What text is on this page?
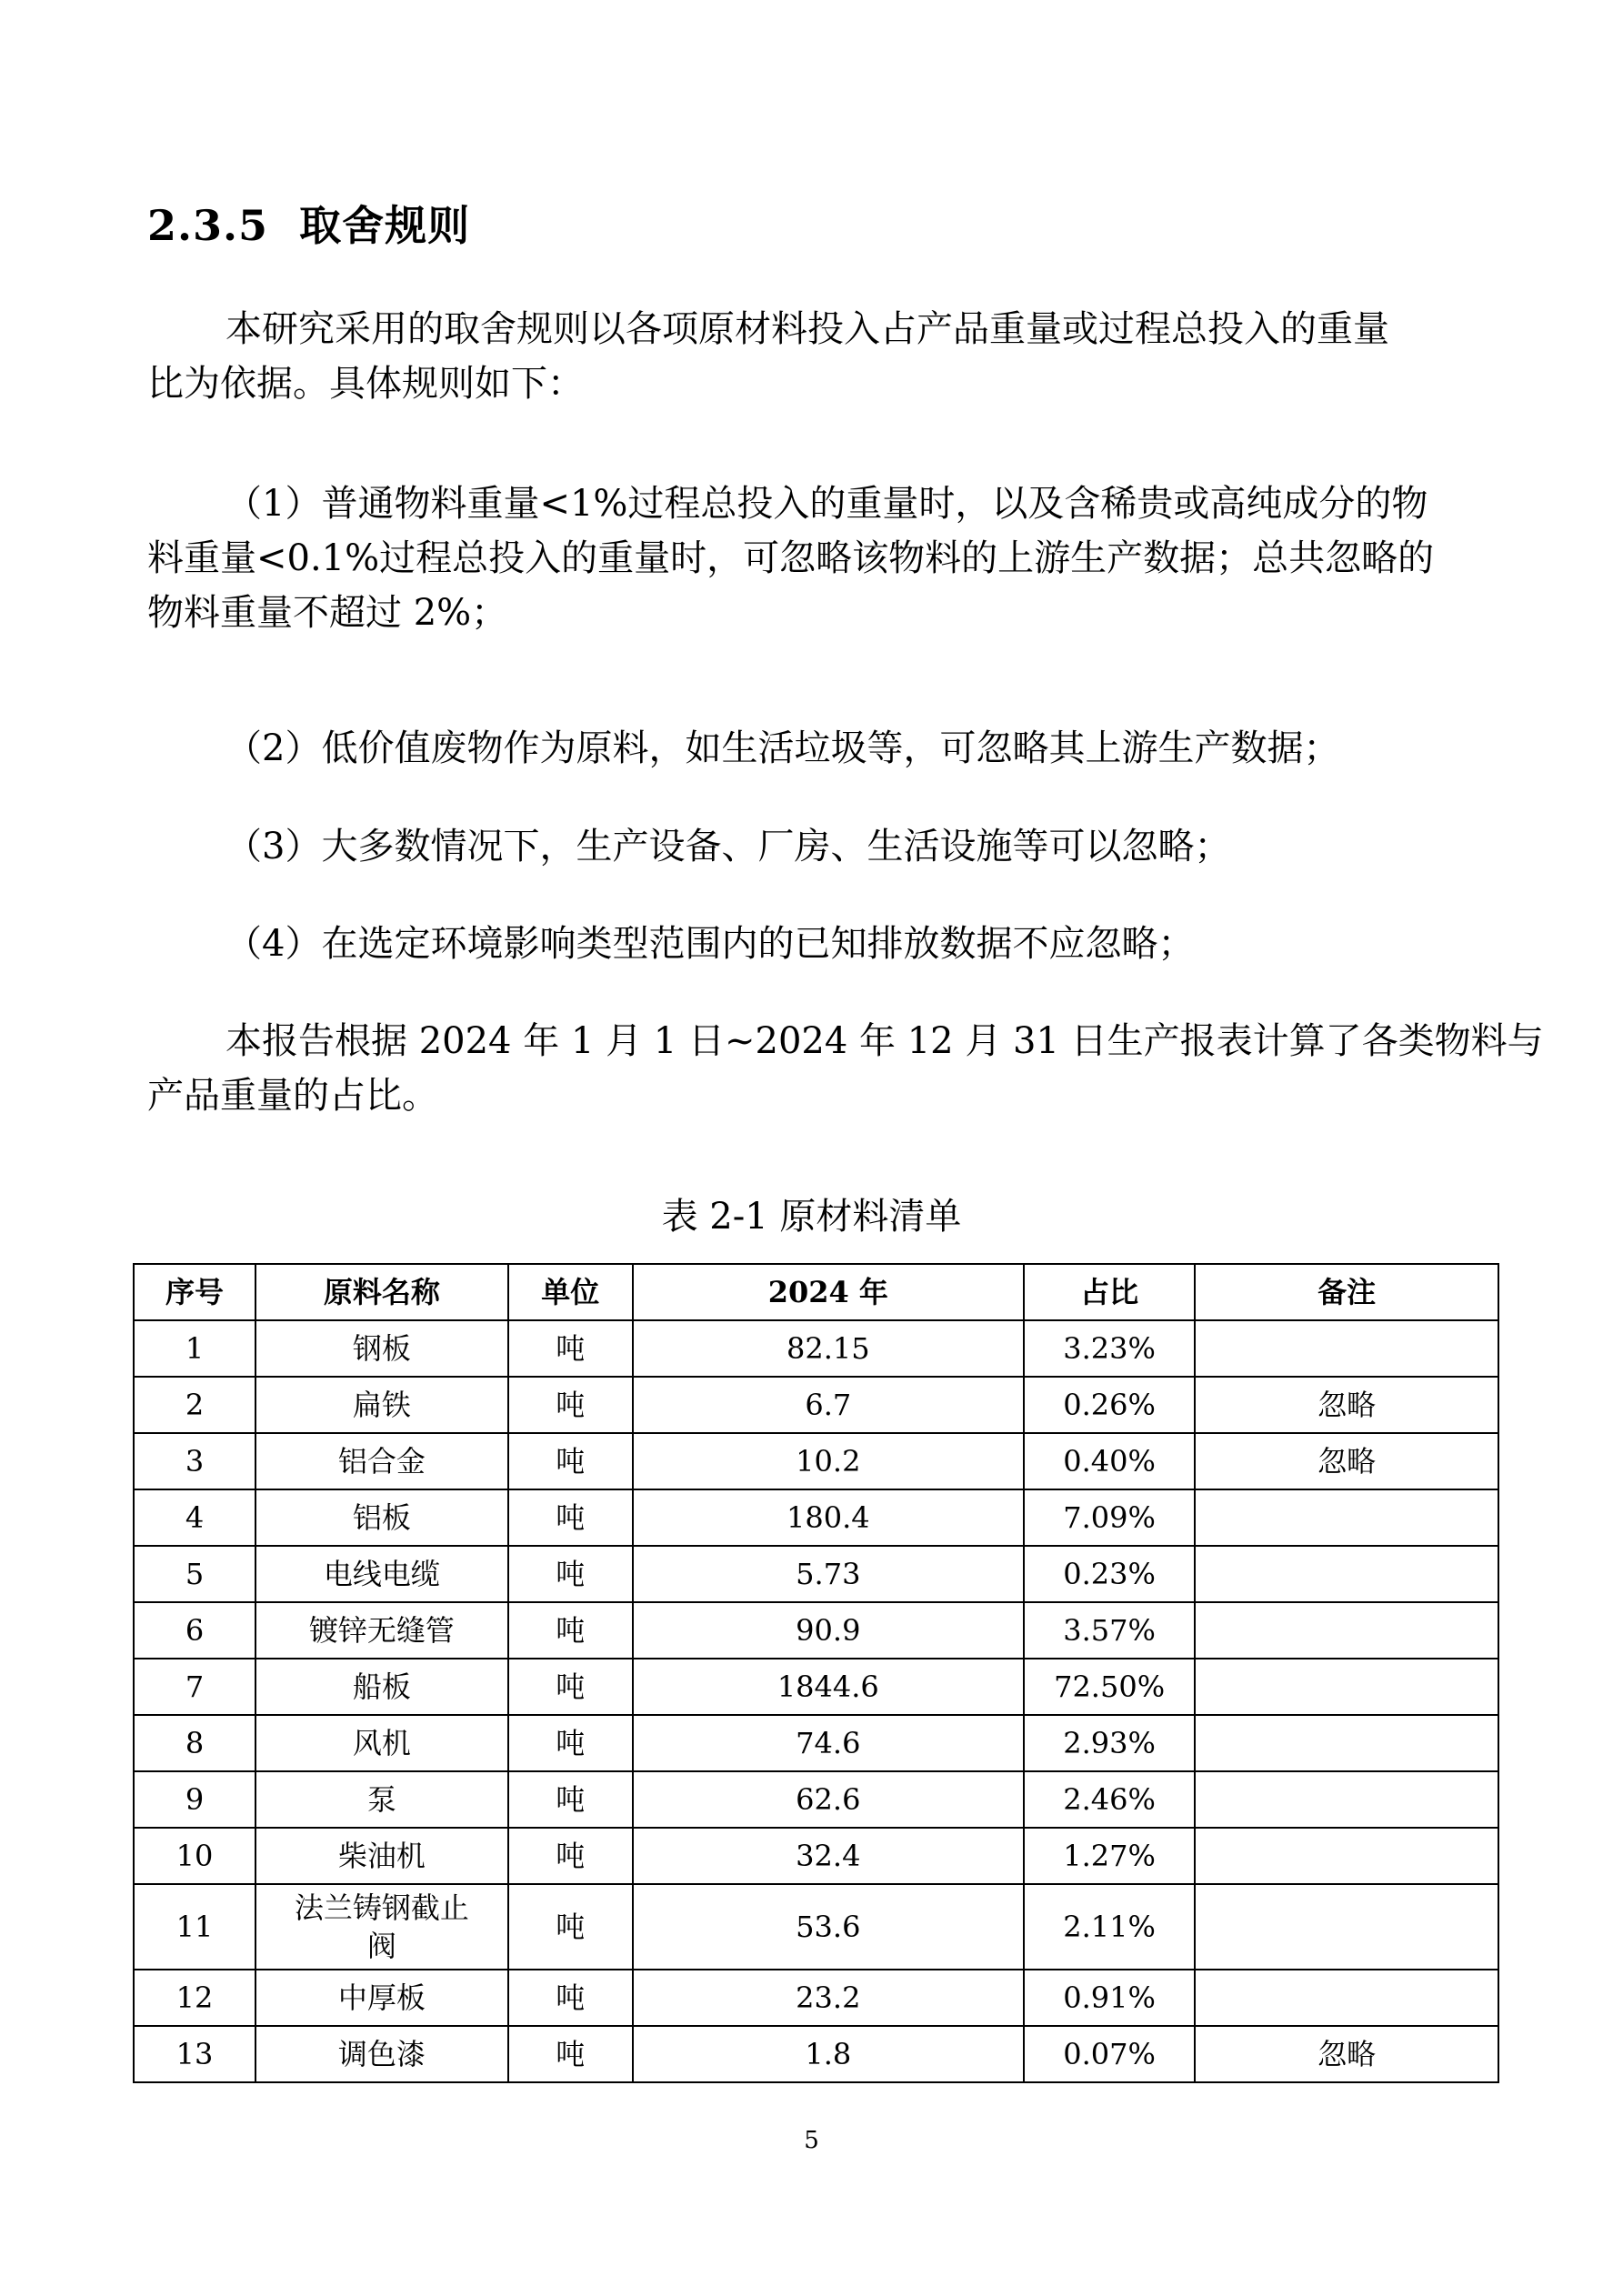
2.3.5 取舍规则

本研究采用的取舍规则以各项原材料投入占产品重量或过程总投入的重量
比为依据。具体规则如下：

（1）普通物料重量<1%过程总投入的重量时，以及含稀贵或高纯成分的物
料重量<0.1%过程总投入的重量时，可忽略该物料的上游生产数据；总共忽略的
物料重量不超过 2%；

（2）低价值废物作为原料，如生活垃圾等，可忽略其上游生产数据；

（3）大多数情况下，生产设备、厂房、生活设施等可以忽略；

（4）在选定环境影响类型范围内的已知排放数据不应忽略；

本报告根据 2024 年 1 月 1 日~2024 年 12 月 31 日生产报表计算了各类物料与
产品重量的占比。

表 2-1 原材料清单

序号	原料名称	单位	2024 年	占比	备注
1	钢板	吨	82.15	3.23%	
2	扁铁	吨	6.7	0.26%	忽略
3	铝合金	吨	10.2	0.40%	忽略
4	铝板	吨	180.4	7.09%	
5	电线电缆	吨	5.73	0.23%	
6	镀锌无缝管	吨	90.9	3.57%	
7	船板	吨	1844.6	72.50%	
8	风机	吨	74.6	2.93%	
9	泵	吨	62.6	2.46%	
10	柴油机	吨	32.4	1.27%	
11	法兰铸钢截止
阀	吨	53.6	2.11%	
12	中厚板	吨	23.2	0.91%	
13	调色漆	吨	1.8	0.07%	忽略

5
